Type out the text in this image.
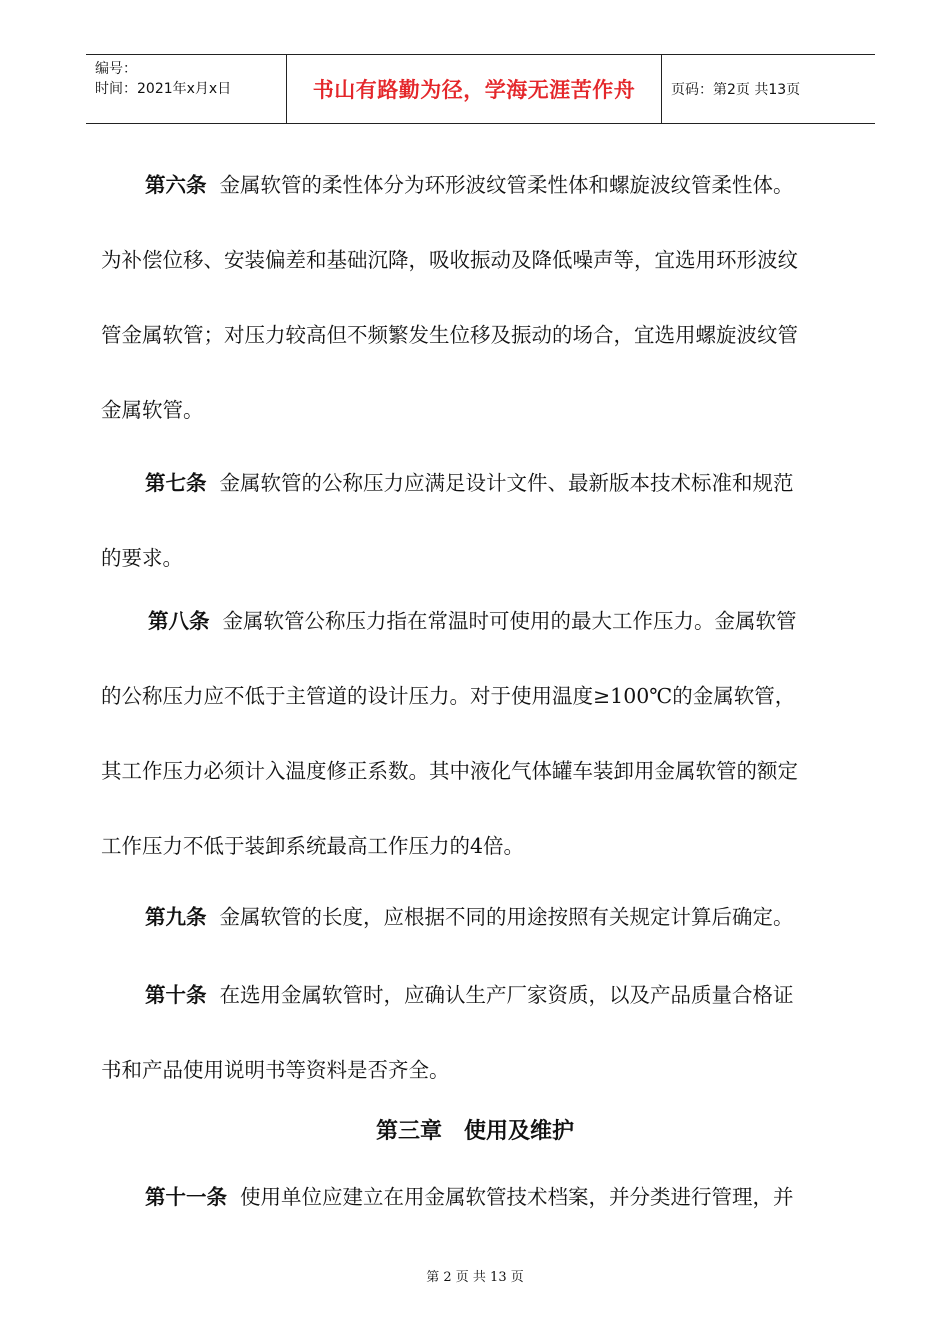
编号：
时间：2021年x月x日	书山有路勤为径，学海无涯苦作舟	页码：第2页 共13页
第六条 金属软管的柔性体分为环形波纹管柔性体和螺旋波纹管柔性体。
为补偿位移、安装偏差和基础沉降，吸收振动及降低噪声等，宜选用环形波纹
管金属软管；对压力较高但不频繁发生位移及振动的场合，宜选用螺旋波纹管
金属软管。
第七条 金属软管的公称压力应满足设计文件、最新版本技术标准和规范
的要求。
第八条 金属软管公称压力指在常温时可使用的最大工作压力。金属软管
的公称压力应不低于主管道的设计压力。对于使用温度≥100℃的金属软管，
其工作压力必须计入温度修正系数。其中液化气体罐车装卸用金属软管的额定
工作压力不低于装卸系统最高工作压力的4倍。
第九条 金属软管的长度，应根据不同的用途按照有关规定计算后确定。
第十条 在选用金属软管时，应确认生产厂家资质，以及产品质量合格证
书和产品使用说明书等资料是否齐全。
第三章　使用及维护
第十一条 使用单位应建立在用金属软管技术档案，并分类进行管理，并
第 2 页 共 13 页
